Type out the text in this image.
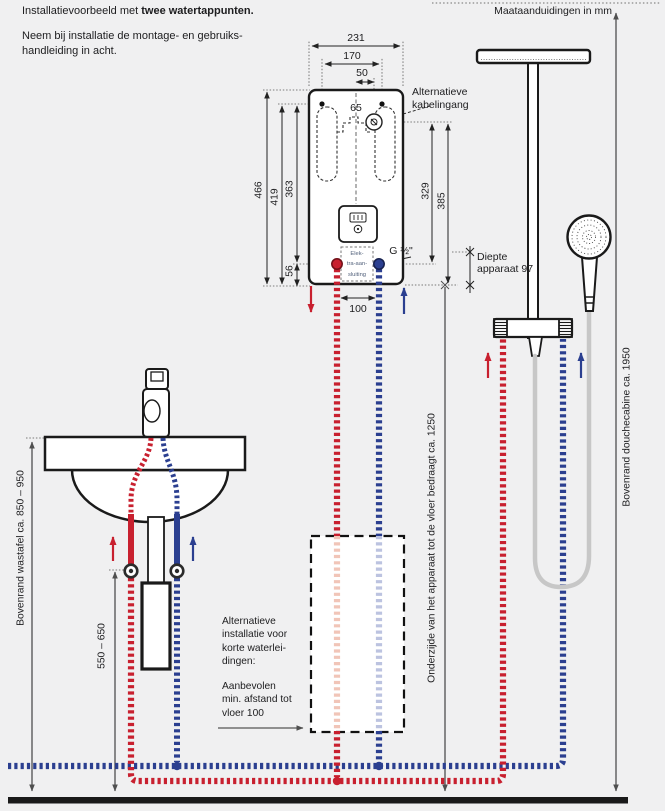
Installatievoorbeeld met twee watertappunten.
Neem bij installatie de montage- en gebruiks-
handleiding in acht.
Maataanduidingen in mm
231
170
50
65
466 419 363
56
329
385
100
G ½"	Diepte
apparaat 97
Alternatieve
kabelingang
Elek-
tra-aan-
sluiting
Alternatieve
installatie voor
korte waterlei-
dingen:
Aanbevolen
min. afstand tot
vloer 100
Bovenrand wastafel ca. 850 – 950
550 – 650	Onderzijde van het apparaat tot de vloer bedraagt ca. 1250	Bovenrand douchecabine ca. 1950
